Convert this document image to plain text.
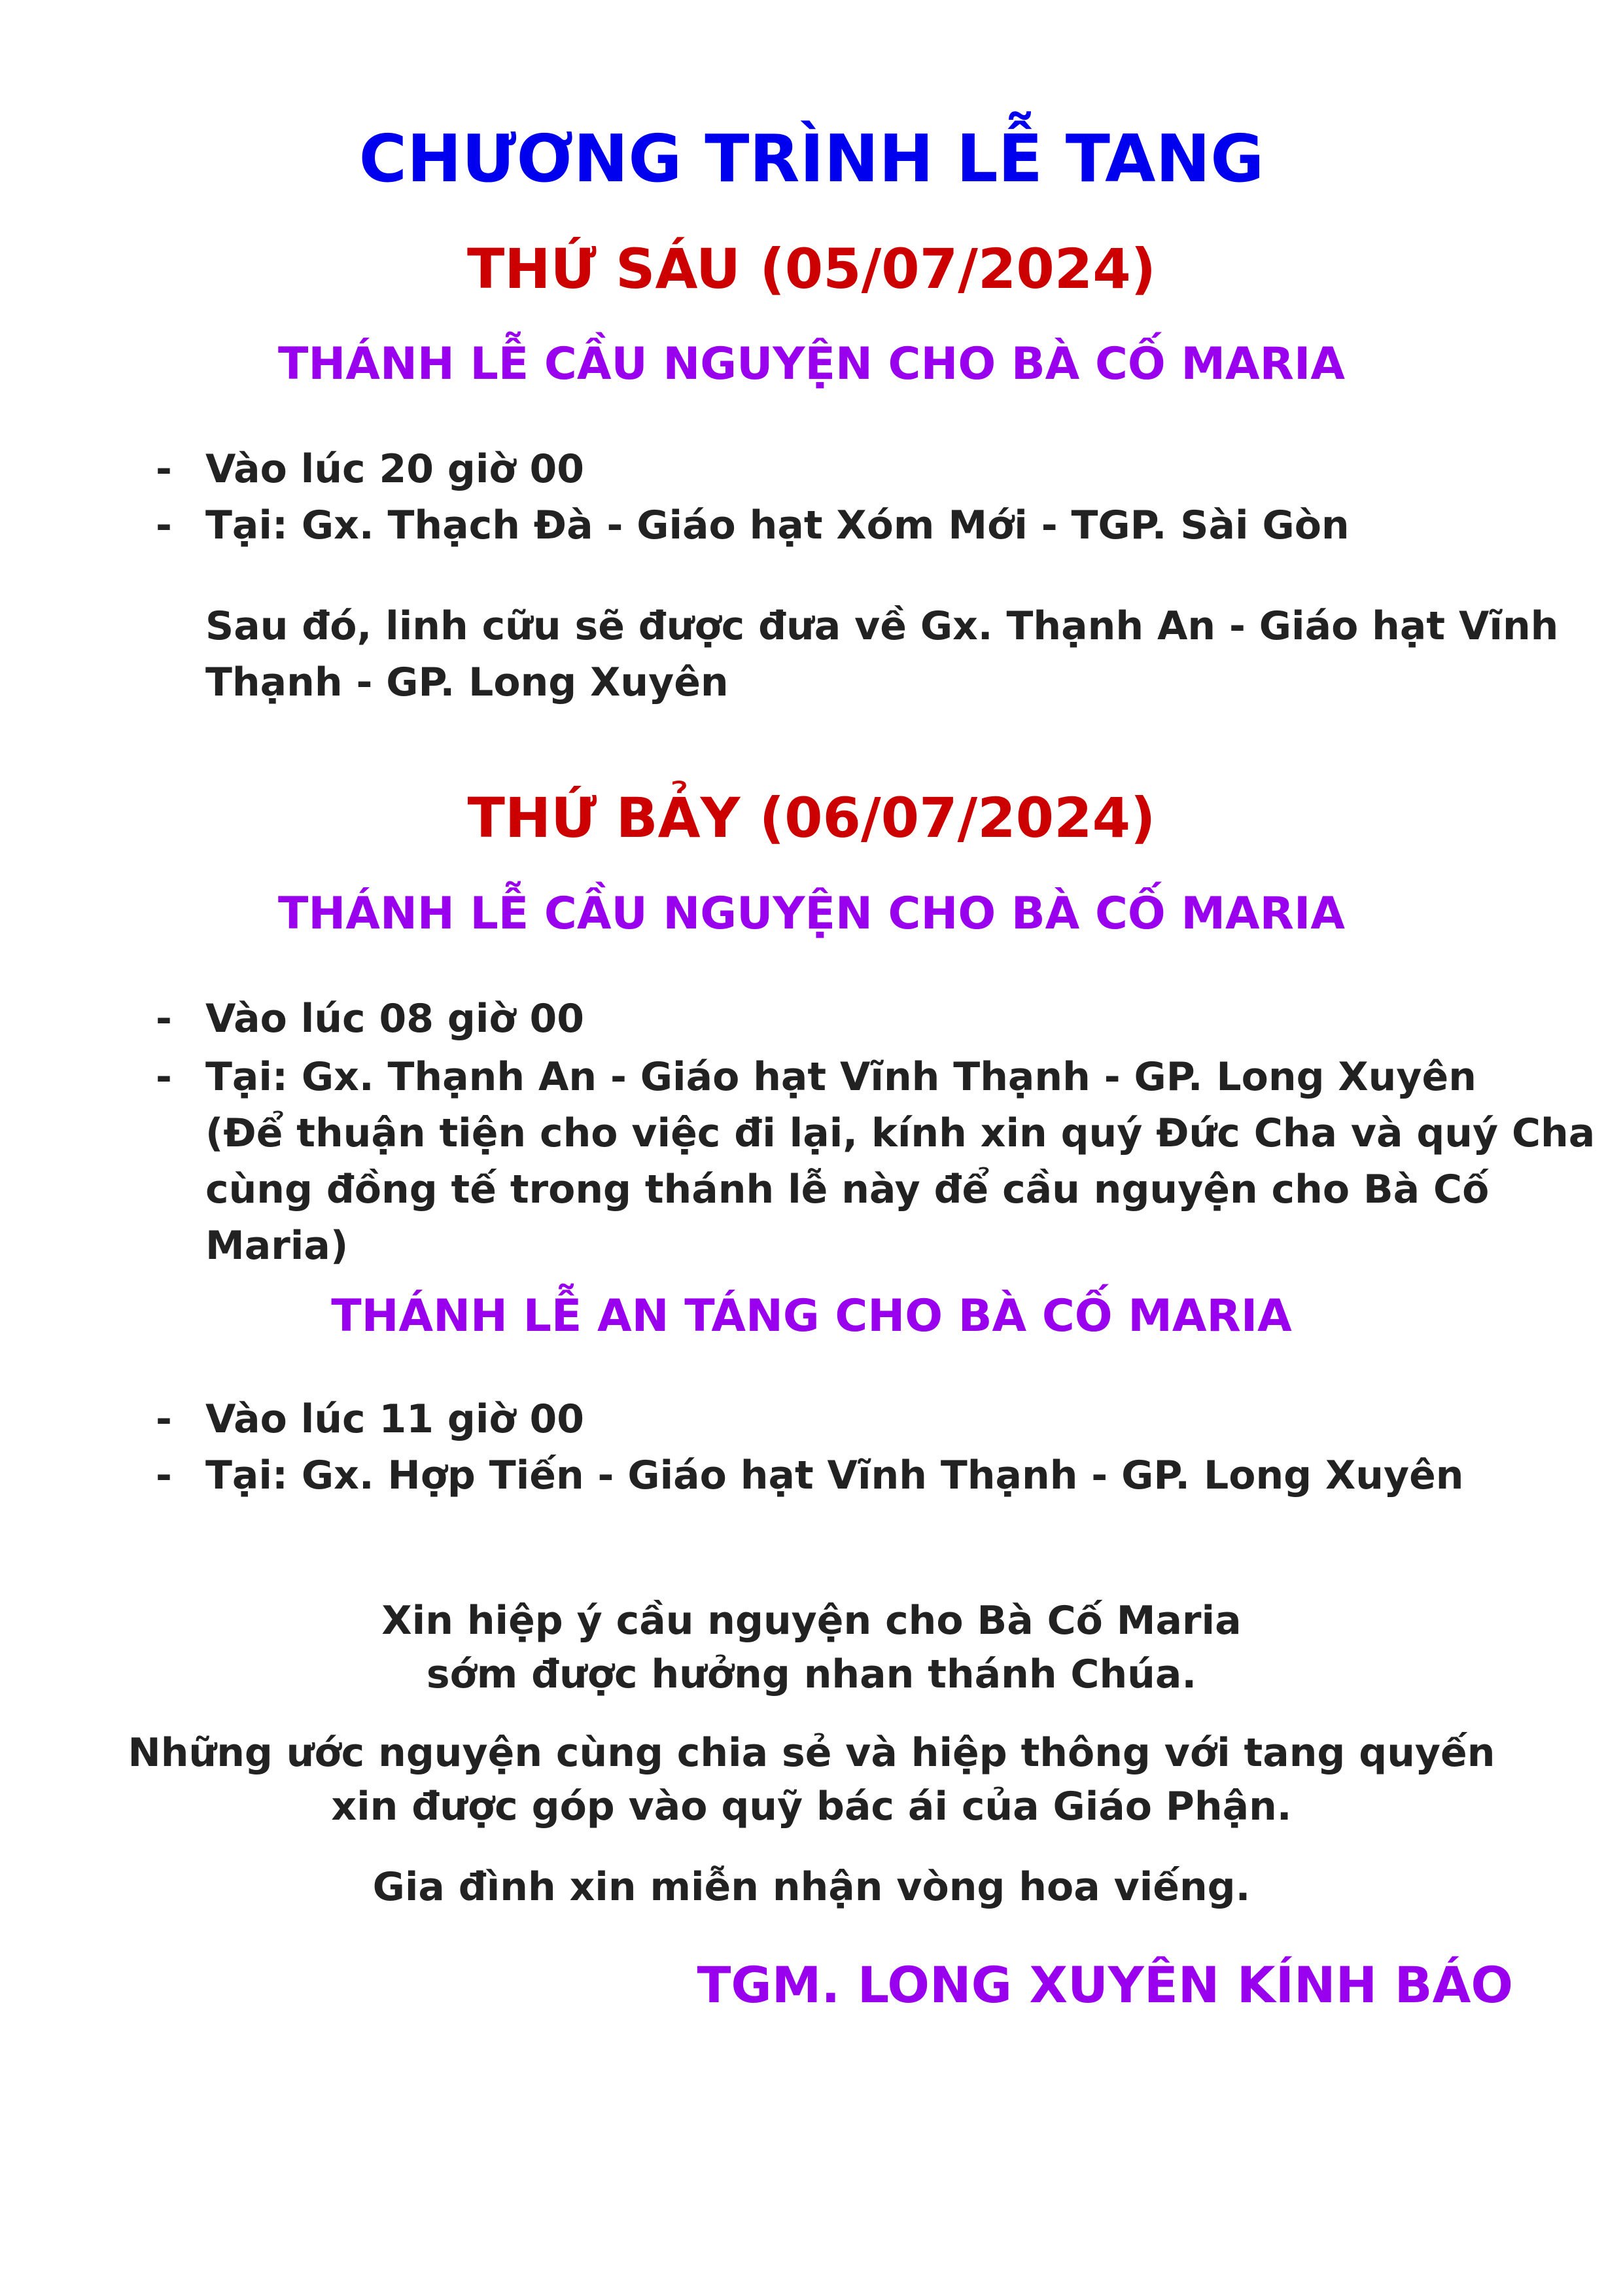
CHƯƠNG TRÌNH LỄ TANG
THỨ SÁU (05/07/2024)
THÁNH LỄ CẦU NGUYỆN CHO BÀ CỐ MARIA
- Vào lúc 20 giờ 00
- Tại: Gx. Thạch Đà - Giáo hạt Xóm Mới - TGP. Sài Gòn
Sau đó, linh cữu sẽ được đưa về Gx. Thạnh An - Giáo hạt Vĩnh
Thạnh - GP. Long Xuyên
THỨ BẢY (06/07/2024)
THÁNH LỄ CẦU NGUYỆN CHO BÀ CỐ MARIA
- Vào lúc 08 giờ 00
- Tại: Gx. Thạnh An - Giáo hạt Vĩnh Thạnh - GP. Long Xuyên
(Để thuận tiện cho việc đi lại, kính xin quý Đức Cha và quý Cha
cùng đồng tế trong thánh lễ này để cầu nguyện cho Bà Cố Maria)
THÁNH LỄ AN TÁNG CHO BÀ CỐ MARIA
- Vào lúc 11 giờ 00
- Tại: Gx. Hợp Tiến - Giáo hạt Vĩnh Thạnh - GP. Long Xuyên
Xin hiệp ý cầu nguyện cho Bà Cố Maria
sớm được hưởng nhan thánh Chúa.
Những ước nguyện cùng chia sẻ và hiệp thông với tang quyến
xin được góp vào quỹ bác ái của Giáo Phận.
Gia đình xin miễn nhận vòng hoa viếng.
TGM. LONG XUYÊN KÍNH BÁO
